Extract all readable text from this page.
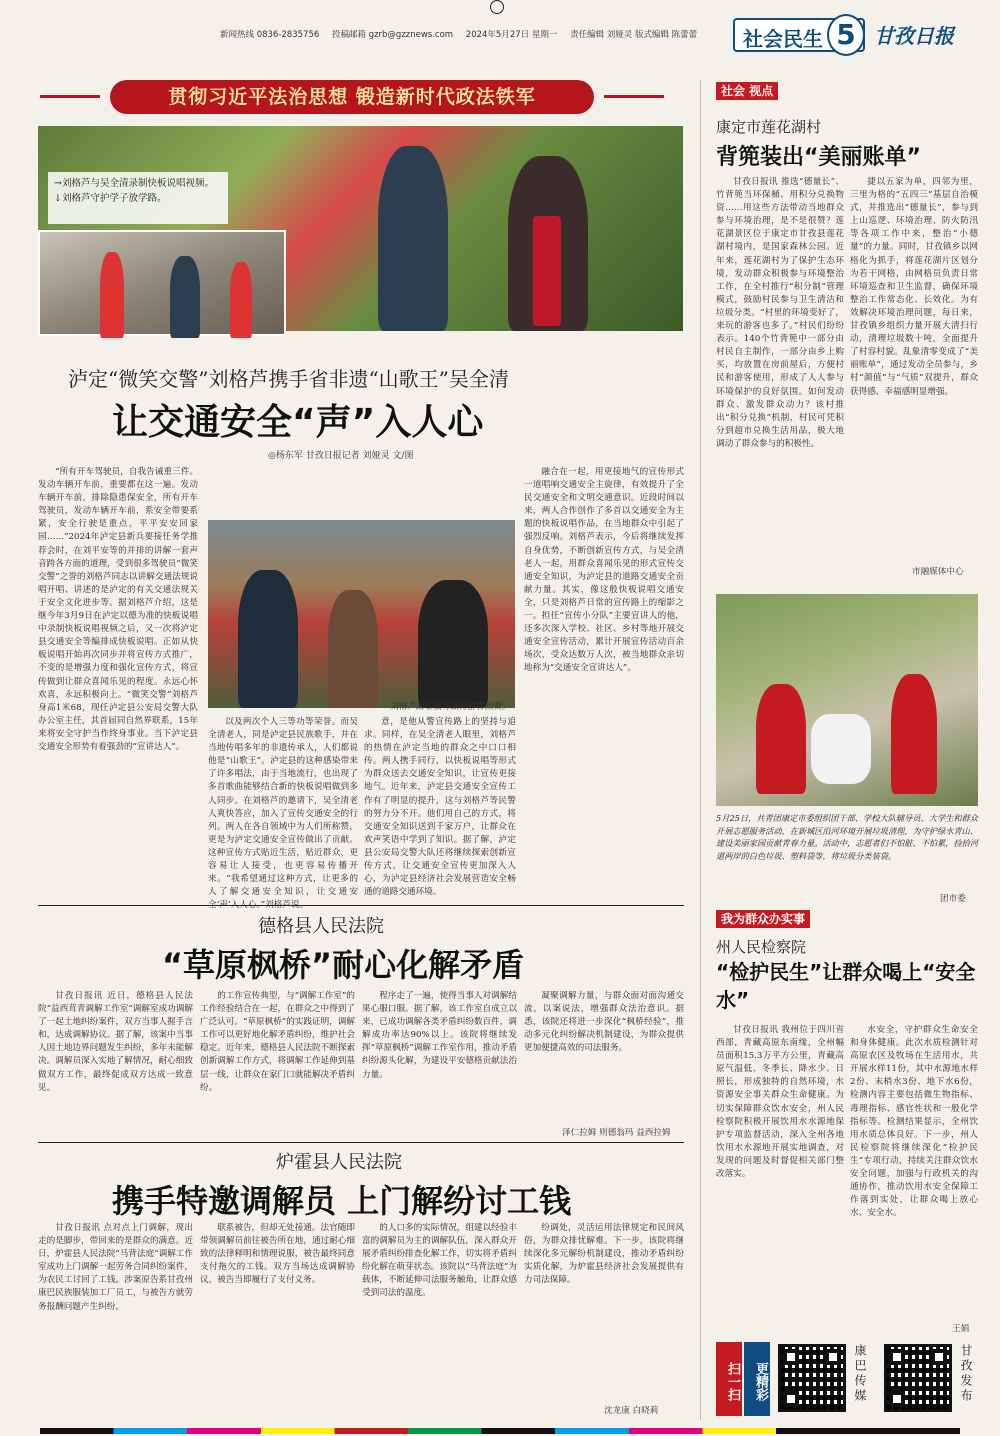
新闻热线 0836-2835756 投稿邮箱 gzrb@gzznews.com 2024年5月27日 星期一 责任编辑 刘娅灵 版式编辑 陈蕾蕾	社会民生 5 甘孜日报
贯彻习近平法治思想 锻造新时代政法铁军
→刘格芦与吴全清录制快板说唱视频。
↓刘格芦守护学子放学路。
泸定“微笑交警”刘格芦携手省非遗“山歌王”吴全清
让交通安全“声”入人心
◎杨东军 甘孜日报记者 刘娅灵 文/图
“所有开车驾驶员，自我告诫重三件。发动车辆开车前，重要都在这一遍。发动车辆开车前，排除隐患保安全，所有开车驾驶员，发动车辆开车前，系安全带要系紧，安全行驶是重点，平平安安回家园……”2024年泸定县新兵要接任务学推荐会时，在刘平安等的并排的讲解一套声音跨各方面的道理，受到很多驾驶员“微笑交警”之誉的刘格芦同志以讲解交通法规说唱开唱、讲述的是泸定的有关交通法规关于安全文化进步等。据刘格芦介绍，这是继今年3月9日在泸定以德为准的快板说唱中录制快板说唱视频之后，又一次将泸定县交通安全等编排成快板说唱。正如从快板说唱开始再次同步并将宣传方式推广，不变的是增强力度和强化宣传方式，将宣传做到让群众喜闻乐见的程度。永远心怀欢喜，永远积极向上。“微笑交警”刘格芦身高1米68，现任泸定县公安局交警大队办公室主任，其首届同自然界联系，15年来将安全守护当作终身事业。当下泸定县交通安全形势有着强劲的“宣讲达人”。
刘格芦耐心服务赢得游客点赞。
以及两次个人三等功等荣誉。而吴全清老人，同是泸定县民族歌手，并在当地传唱多年的非遗传承人，人们都说他是“山歌王”。泸定县的这种感染带来了许多唱法，由于当地流行，也出现了多首歌曲能够结合新的快板说唱做到多人同步。在刘格芦的邀请下，吴全清老人爽快答应，加入了宣传交通安全的行列。两人在各自领域中为人们所称赞，更是为泸定交通安全宣传做出了贡献。这种宣传方式贴近生活，贴近群众，更容易让人接受，也更容易传播开来。“我希望通过这种方式，让更多的人了解交通安全知识，让交通安
意，是他从警宣传路上的坚持与追求。同样，在吴全清老人眼里，刘格芦的热情在泸定当地的群众之中口口相传。两人携手同行，以快板说唱等形式为群众送去交通安全知识，让宣传更接地气。近年来，泸定县交通安全宣传工作有了明显的提升，这与刘格芦等民警的努力分不开。他们用自己的方式，将交通安全知识送到千家万户，让群众在欢声笑语中学到了知识。据了解，泸定县公安局交警大队还将继续探索创新宣传方式，让交通安全宣传更加深入人心，为泸定县经济社会发展营造安全畅通的道路交通环境。
融合在一起，用更接地气的宣传形式一道唱响交通安全主旋律，有效提升了全民交通安全和文明交通意识。近段时间以来，两人合作创作了多首以交通安全为主题的快板说唱作品，在当地群众中引起了强烈反响。刘格芦表示，今后将继续发挥自身优势，不断创新宣传方式，与吴全清老人一起，用群众喜闻乐见的形式宣传交通安全知识，为泸定县的道路交通安全贡献力量。其实，像这般快板说唱交通安全，只是刘格芦日常的宣传路上的缩影之一。担任“宣传小分队”主要宣讲人的他，还多次深入学校、社区、乡村等地开展交通安全宣传活动，累计开展宣传活动百余场次，受众达数万人次，被当地群众亲切地称为“交通安全宣讲达人”。
德格县人民法院
“草原枫桥”耐心化解矛盾
甘孜日报讯 近日，德格县人民法院“益西茸青调解工作室”调解室成功调解了一起土地纠纷案件，双方当事人握手言和，达成调解协议。据了解，该案中当事人因土地边界问题发生纠纷，多年未能解决。调解员深入实地了解情况，耐心细致做双方工作，最终促成双方达成一致意见。
的工作宣传典型，与“调解工作室”的工作经验结合在一起，在群众之中得到了广泛认可。“草原枫桥”的实践证明，调解工作可以更好地化解矛盾纠纷，维护社会稳定。近年来，德格县人民法院不断探索创新调解工作方式，将调解工作延伸到基层一线，让群众在家门口就能解决矛盾纠纷。
程序走了一遍，使得当事人对调解结果心服口服。据了解，该工作室自成立以来，已成功调解各类矛盾纠纷数百件，调解成功率达90%以上。该院将继续发挥“草原枫桥”调解工作室作用，推动矛盾纠纷源头化解，为建设平安德格贡献法治力量。
凝聚调解力量，与群众面对面沟通交流，以案说法，增强群众法治意识。据悉，该院还将进一步深化“枫桥经验”，推动多元化纠纷解决机制建设，为群众提供更加便捷高效的司法服务。
泽仁拉姆 则德翁玛 益西拉姆
炉霍县人民法院
携手特邀调解员 上门解纷讨工钱
甘孜日报讯 点对点上门调解，现出走的是脚步，带回来的是群众的满意。近日，炉霍县人民法院“马背法庭”调解工作室成功上门调解一起劳务合同纠纷案件，为农民工讨回了工钱。涉案原告系甘孜州康巴民族服装加工厂员工，与被告方就劳务报酬问题产生纠纷。
联系被告，但却无处接通。法官随即带领调解员前往被告所在地，通过耐心细致的法律释明和情理说服，被告最终同意支付拖欠的工钱。双方当场达成调解协议，被告当即履行了支付义务。
的人口多的实际情况，组建以经验丰富的调解员为主的调解队伍，深入群众开展矛盾纠纷排查化解工作，切实将矛盾纠纷化解在萌芽状态。该院以“马背法庭”为载体，不断延伸司法服务触角，让群众感受到司法的温度。
纷调处，灵活运用法律规定和民间风俗，为群众排忧解难。下一步，该院将继续深化多元解纷机制建设，推动矛盾纠纷实质化解，为炉霍县经济社会发展提供有力司法保障。
沈龙康 白晓莉
社会 视点
康定市莲花湖村
背篼装出“美丽账单”
甘孜日报讯 推选“德量长”、竹背篼当环保桶、用积分兑换物资……用这些方法带动当地群众参与环境治理，是不是很赞？莲花湖景区位于康定市甘孜县莲花湖村境内，是国家森林公园。近年来，莲花湖村为了保护生态环境，发动群众积极参与环境整治工作，在全村推行“积分制”管理模式，鼓励村民参与卫生清洁和垃圾分类。“村里的环境变好了，来玩的游客也多了。”村民们纷纷表示。140个竹背篼中一部分由村民自主制作，一部分由乡上购买，均放置在房前屋后，方便村民和游客使用，形成了人人参与环境保护的良好氛围。如何发动群众、激发群众动力？该村推出“积分兑换”机制，村民可凭积分到超市兑换生活用品，极大地调动了群众参与的积极性。
捷以五家为单，四邻为里，三里为格的“五四三”基层自治模式，并推选出“德量长”，参与到上山巡逻、环境治理、防火防汛等各项工作中来，整治“小德量”的力量。同时，甘孜镇乡以网格化为抓手，将莲花湖片区划分为若干网格，由网格员负责日常环境巡查和卫生监督，确保环境整治工作常态化、长效化。为有效解决环境治理问题，每日来，甘孜镇乡组织力量开展大清扫行动，清理垃圾数十吨，全面提升了村容村貌。乱象清零变成了“美丽账单”，通过发动全员参与，乡村“颜值”与“气质”双提升，群众获得感、幸福感明显增强。
市融媒体中心
5月25日，共青团康定市委组织团干部、学校大队辅导员、大学生和群众开展志愿服务活动，在新城区沿河环境开展垃圾清理，为守护绿水青山、建设美丽家园贡献青春力量。活动中，志愿者们不怕脏、不怕累，捡拾河道两岸的白色垃圾、塑料袋等，将垃圾分类装袋。
团市委
我为群众办实事
州人民检察院
“检护民生”让群众喝上“安全水”
甘孜日报讯 我州位于四川省西部，青藏高原东南缘，全州幅员面积15.3万平方公里，青藏高原气温低、冬季长、降水少、日照长，形成独特的自然环境，水资源安全事关群众生命健康。为切实保障群众饮水安全，州人民检察院积极开展饮用水水源地保护专项监督活动，深入全州各地饮用水水源地开展实地调查，对发现的问题及时督促相关部门整改落实。
水安全，守护群众生命安全和身体健康。此次水质检测针对高原农区及牧场在生活用水，共开展水样11份，其中水源地水样2份、末梢水3份、地下水6份，检测内容主要包括微生物指标、毒理指标、感官性状和一般化学指标等。检测结果显示，全州饮用水质总体良好。下一步，州人民检察院将继续深化“检护民生”专项行动，持续关注群众饮水安全问题，加强与行政机关的沟通协作，推动饮用水安全保障工作落到实处，让群众喝上放心水、安全水。
王娟
扫一扫	更精彩	康巴传媒	甘孜发布
